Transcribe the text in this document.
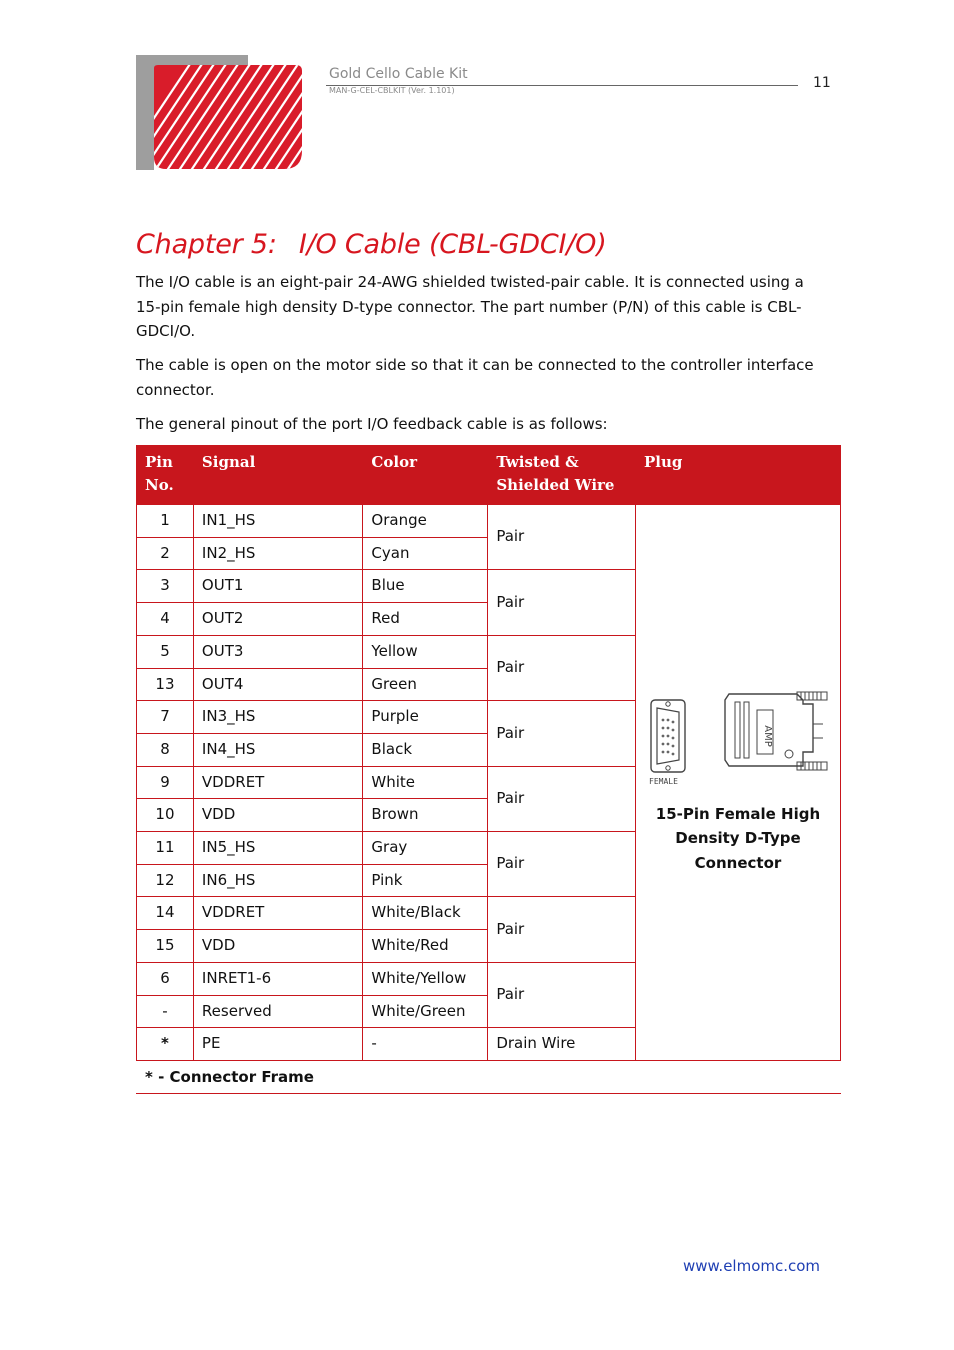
Gold Cello Cable Kit
MAN-G-CEL-CBLKIT (Ver. 1.101)	11
Chapter 5: I/O Cable (CBL-GDCI/O)

The I/O cable is an eight-pair 24-AWG shielded twisted-pair cable. It is connected using a 15-pin female high density D-type connector. The part number (P/N) of this cable is CBL-GDCI/O.

The cable is open on the motor side so that it can be connected to the controller interface connector.

The general pinout of the port I/O feedback cable is as follows:

Pin No.	Signal	Color	Twisted & Shielded Wire	Plug
1	IN1_HS	Orange	Pair	FEMALE
AMP
15-Pin Female High Density D-Type Connector

2	IN2_HS	Cyan		
3	OUT1	Blue	Pair	
4	OUT2	Red		
5	OUT3	Yellow	Pair	
13	OUT4	Green		
7	IN3_HS	Purple	Pair	
8	IN4_HS	Black		
9	VDDRET	White	Pair	
10	VDD	Brown		
11	IN5_HS	Gray	Pair	
12	IN6_HS	Pink		
14	VDDRET	White/Black	Pair	
15	VDD	White/Red		
6	INRET1-6	White/Yellow	Pair	
-	Reserved	White/Green		
*	PE	-	Drain Wire	
* - Connector Frame
www.elmomc.com
